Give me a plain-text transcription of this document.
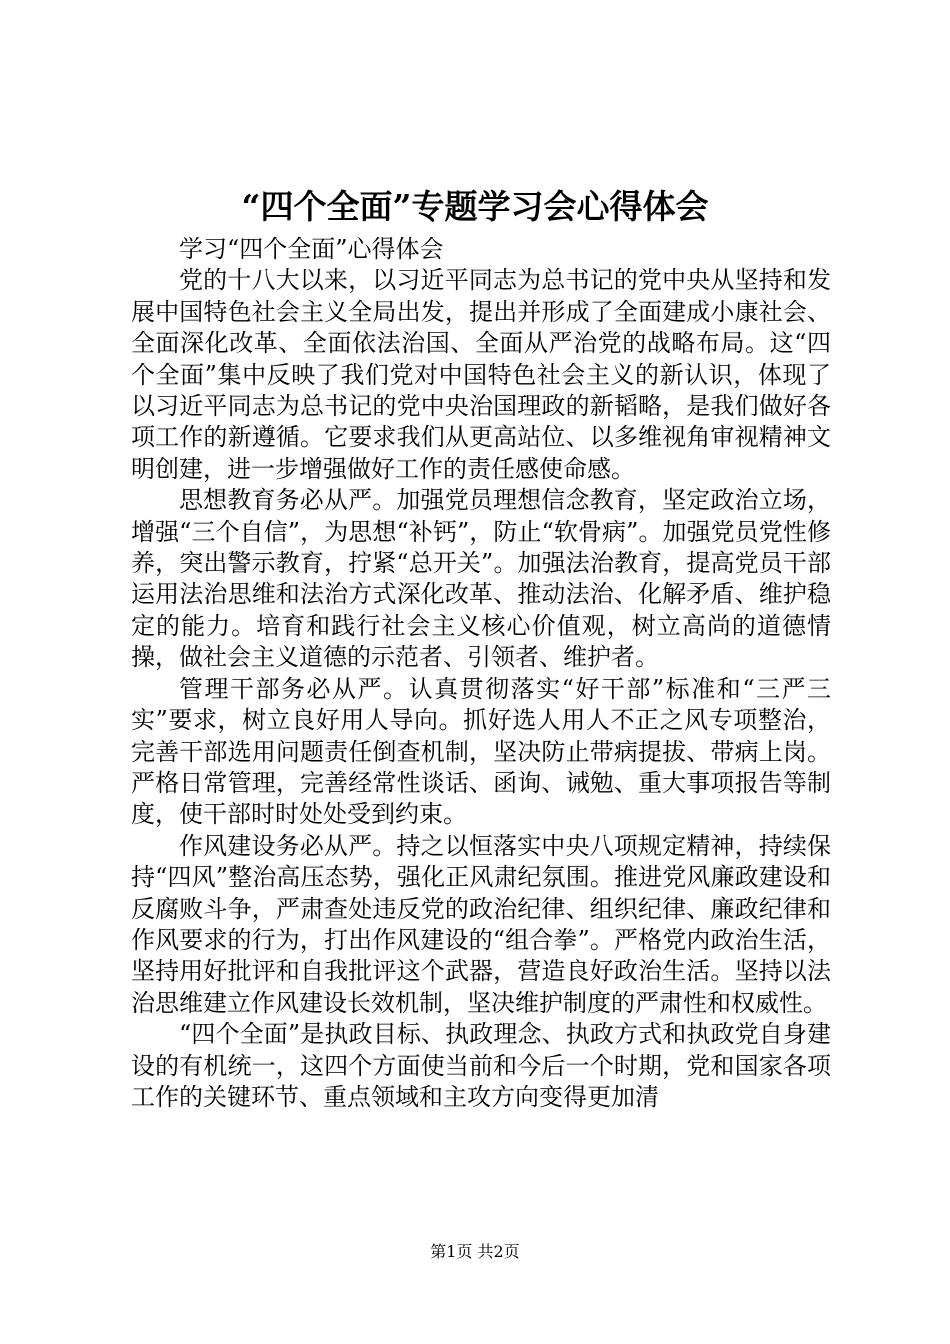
“四个全面”专题学习会心得体会

学习“四个全面”心得体会

党的十八大以来，以习近平同志为总书记的党中央从坚持和发展中国特色社会主义全局出发，提出并形成了全面建成小康社会、全面深化改革、全面依法治国、全面从严治党的战略布局。这“四个全面”集中反映了我们党对中国特色社会主义的新认识，体现了以习近平同志为总书记的党中央治国理政的新韬略，是我们做好各项工作的新遵循。它要求我们从更高站位、以多维视角审视精神文明创建，进一步增强做好工作的责任感使命感。

思想教育务必从严。加强党员理想信念教育，坚定政治立场，增强“三个自信”，为思想“补钙”，防止“软骨病”。加强党员党性修养，突出警示教育，拧紧“总开关”。加强法治教育，提高党员干部运用法治思维和法治方式深化改革、推动法治、化解矛盾、维护稳定的能力。培育和践行社会主义核心价值观，树立高尚的道德情操，做社会主义道德的示范者、引领者、维护者。

管理干部务必从严。认真贯彻落实“好干部”标准和“三严三实”要求，树立良好用人导向。抓好选人用人不正之风专项整治，完善干部选用问题责任倒查机制，坚决防止带病提拔、带病上岗。严格日常管理，完善经常性谈话、函询、诫勉、重大事项报告等制度，使干部时时处处受到约束。

作风建设务必从严。持之以恒落实中央八项规定精神，持续保持“四风”整治高压态势，强化正风肃纪氛围。推进党风廉政建设和反腐败斗争，严肃查处违反党的政治纪律、组织纪律、廉政纪律和作风要求的行为，打出作风建设的“组合拳”。严格党内政治生活，坚持用好批评和自我批评这个武器，营造良好政治生活。坚持以法治思维建立作风建设长效机制，坚决维护制度的严肃性和权威性。

“四个全面”是执政目标、执政理念、执政方式和执政党自身建设的有机统一，这四个方面使当前和今后一个时期，党和国家各项工作的关键环节、重点领域和主攻方向变得更加清

第1页 共2页
